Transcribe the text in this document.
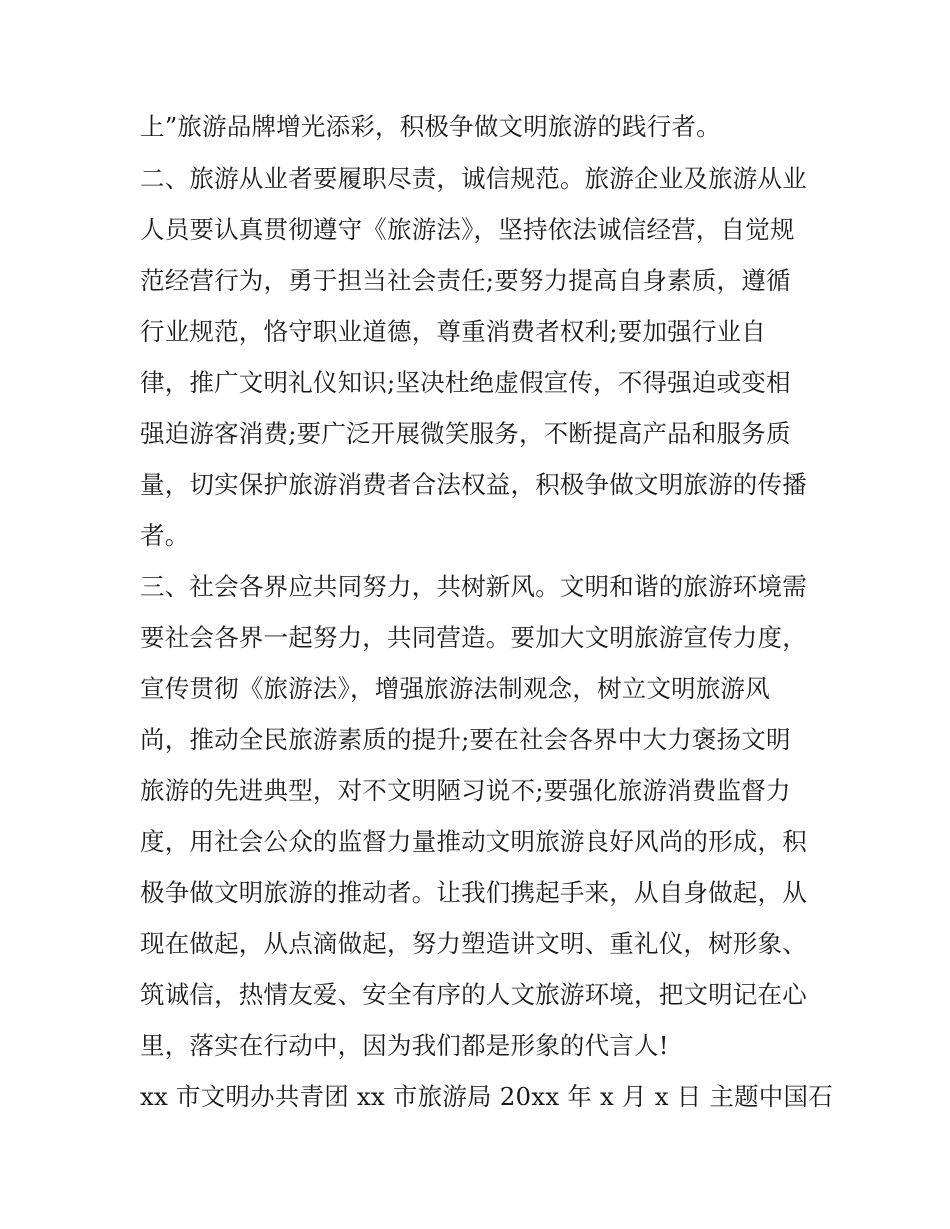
上”旅游品牌增光添彩，积极争做文明旅游的践行者。

二、旅游从业者要履职尽责，诚信规范。旅游企业及旅游从业

人员要认真贯彻遵守《旅游法》，坚持依法诚信经营，自觉规

范经营行为，勇于担当社会责任;要努力提高自身素质，遵循

行业规范，恪守职业道德，尊重消费者权利;要加强行业自

律，推广文明礼仪知识;坚决杜绝虚假宣传，不得强迫或变相

强迫游客消费;要广泛开展微笑服务，不断提高产品和服务质

量，切实保护旅游消费者合法权益，积极争做文明旅游的传播

者。

三、社会各界应共同努力，共树新风。文明和谐的旅游环境需

要社会各界一起努力，共同营造。要加大文明旅游宣传力度，

宣传贯彻《旅游法》，增强旅游法制观念，树立文明旅游风

尚，推动全民旅游素质的提升;要在社会各界中大力褒扬文明

旅游的先进典型，对不文明陋习说不;要强化旅游消费监督力

度，用社会公众的监督力量推动文明旅游良好风尚的形成，积

极争做文明旅游的推动者。让我们携起手来，从自身做起，从

现在做起，从点滴做起，努力塑造讲文明、重礼仪，树形象、

筑诚信，热情友爱、安全有序的人文旅游环境，把文明记在心

里，落实在行动中，因为我们都是形象的代言人!

xx 市文明办共青团 xx 市旅游局 20xx 年 x 月 x 日 主题中国石
